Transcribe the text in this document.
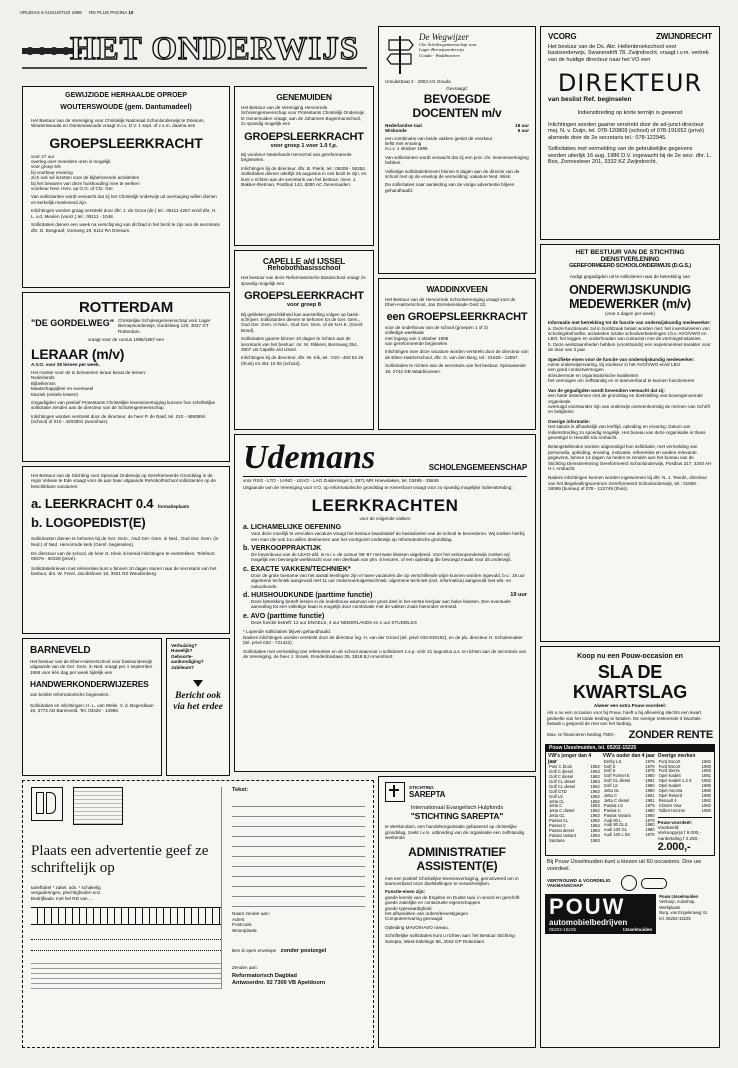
VRIJDAG 8 AUGUSTUS 1986 RD PLUS PAGINA 10
HET ONDERWIJS
GEWIJZIGDE HERHAALDE OPROEP
WOUTERSWOUDE (gem. Dantumadeel)
Het Bestuur van de Vereniging voor Christelijk Nationaal Schoolonderwijs te Driesum, Wouterswoude en Dantumawoude vraagt m.i.v. D.V. 1 sept. of z.s.m. daarna een
GROEPSLEERKRACHT
voor 27 uur
overleg over meerdere uren is mogelijk
voor groep 5/6
bij voorkeur ervaring
zich ook wil inzetten voor de bijbehorende activiteiten
bij het bewaren van deze huishouding mee te werken
voorkeur Ned. Herv. op G.G. of Chr. Ger.
Van sollicitanten wordt verwacht dat zij het Christelijk onderwijs uit overtuiging willen dienen en kerkelijk meelevend zijn.
Inlichtingen worden graag verstrekt door dhr. J. de Groot (dir.) tel.: 05111-4257 en/of dhr. H. L. v.d. Meulen (voorz.) tel.: 05111 - 1048.
Sollicitaties dienen een week na verschijning van dit blad in het bezit te zijn van de secretaris dhr. D. Bosgraaf, Voorweg 19, 9114 RA Driesum.
ROTTERDAM
"DE GORDELWEG" Christelijke Scholengemeenschap voor Lager Beroepsonderwijs, Gordelweg 120, 3037 GT Rotterdam.
vraagt voor de cursus 1986/1987 een
LERAAR (m/v)
A.V.O. voor 29 lessen per week.
Het rooster voor de to benoemen leraar bevat de lessen:
Nederlands
Bijbelkennis
Maatschappijleer en eventueel
Muziek (enkele lessen)
Gegadigden van positief Protestants Christelijke levensovertuiging kunnen hun schriftelijke sollicitatie zenden aan de directeur van de Scholengemeenschap.
Inlichtingen worden verstrekt door de directeur, de heer P. de Raaf, tel. 010 - 4650894 (school) of 010 - 4203001 (woonhuis).
Het Bestuur van de Stichting voor Speciaal Onderwijs op Gereformeerde Grondslag in de regio Veluwe te Ede vraagt voor de aan haar uitgaande Rehobothschool sollicitanten op de beschikbare vacatures:
a. LEERKRACHT 0.4 formatieplaats
b. LOGOPEDIST(E)
Sollicitanten dienen te behoren bij de Ger. Gem., Oud Ger. Gem. in Ned., Oud Ger. Gem. (in Ned.) of Ned. Hervormde kerk (Geref. beginselen).
De directeur van de school, de heer G. Klein is bereid inlichtingen te verstrekken. Telefoon: 08376 - 60328 (privé).
Sollicitatiebrieven met referenties kunt u binnen 10 dagen sturen naar de secretaris van het bestuur, drs. W. Ferel, Jacobshove 18, 3931 RZ Woudenberg.
BARNEVELD
Het bestuur van de Eben-Haëzerschool voor basisonderwijs uitgaande van de Ger. Gem. in Ned. vraagt per 1 september 1986 voor één dag per week tijdelijk een
HANDWERKONDERWIJZERES
van beslist reformatorische beginselen.
Sollicitaties en inlichtingen: H. L. van Welie, V. d. Bogerdlaan 16, 3772 AD Barneveld. Tel. 03420 - 14958.
Verhuizing?
Huwelijk?
Geboorte-aankondiging?
Jubileum?
Bericht ook via het erdee
GENEMUIDEN
Het Bestuur van de Vereniging Hervormde Scholengemeenschap voor Protestants Christelijk Onderwijs te Genemuiden vraagt, aan de Johannes Bogermanschool, zo spoedig mogelijk een
GROEPSLEERKRACHT
voor groep 1 voor 1.0 f.p.
Bij voorkeur Nederlands Hervormd van gereformeerde beginselen.
Inlichtingen bij de directeur, dhr. B. Pierik, tel.: 05208 - 55352. Sollicitaties dienen uiterlijk 25 augustus in ons bezit te zijn, en kunt u richten aan de secretaris van het bestuur, mevr. J. Bakker-Rietman, Postbus 142, 8280 AC Genemuiden.
CAPELLE a/d IJSSEL
Rehobothbasisschool
Het bestuur van deze Reformatorische Basisschool vraagt zo spoedig mogelijk een
GROEPSLEERKRACHT
voor groep 8
Bij gebleken geschiktheid kan aanstelling volgen op basis-schrijver. Sollicitanten dienen te behoren tot de Ger. Gem., Oud Ger. Gem. in Ned., Oud Ger. Gem. of de N.H.K. (Geref. Bond).
Sollicitaties gaarne binnen 10 dagen te richten aan de secretaris van het bestuur: mr. M. Rikkers, Bermweg 354, 2907 LB Capelle a/d IJssel.
Inlichtingen bij de directeur, dhr. W. Kik, tel.: 010 - 450 54 25 (thuis) en 451 10 55 (school).
De Wegwijzer
Chr. Scholengemeenschap voor
Lager Beroepsonderwijs
Gouda - Waddinxveen
Ursulastraat 2 · 2803 AG Gouda
Gevraagd:
BEVOEGDE
DOCENTEN m/v
Nederlandse taal	18 uur
Wiskunde	6 uur
een combinatie van beide vakken geniet de voorkeur
liefst met ervaring
m.i.v. 1 oktober 1986
Van sollicitanten wordt verwacht dat zij een prot. chr. levensovertuiging hebben.
Volledige sollicitatiebrieven binnen 8 dagen aan de directie van de school met op de envelop de vermelding: vakature Ned. Wisk.
De sollicitaties naar aanleiding van de vorige advertentie blijven gehandhaafd.
WADDINXVEEN
Het Bestuur van de Hervormde Schoolvereniging vraagt voor de Eben-Haëzerschool, Jan Dorrekenskade Oost 22,
een GROEPSLEERKRACHT
voor de onderbouw van de school (groepen 1 of 2)
volledige weektaak
met ingang van 1 oktober 1986
van gereformeerde beginselen
Inlichtingen over deze vacature worden verstrekt door de directeur van de Eben-Haëzerschool, dhr. G. van den Berg, tel.: 01828 - 12597.
Sollicitaties te richten aan de secretaris van het bestuur, Spinsaweide 19, 2742 GB Waddinxveen.
Udemans	SCHOLENGEMEENSCHAP
voor RSG - LTO - LHNO - LEAO - LAO Zuidersingel 1, 3871 MR Hoevelaken, tel. 03495 - 35846
Uitgaande van de Vereniging voor V.O. op reformatorische grondslag te Amersfoort vraagt voor zo spoedig mogelijke indiensttreding:
LEERKRACHTEN
voor de volgende vakken
a. LICHAMELIJKE OEFENING
Voor deze moeilijk te vervullen vacature vraagt het bestuur kwantitatief de basisdoelen van de school te bevorderen. Wij zoeken hierbij een man die ook zou willen deelnemen aan het voortgezet onderwijs op reformatorische grondslag.
b. VERKOOPPRAKTIJK
De bovenbouw van de LEAO-afd. is m.i.v. de cursus '86-'87 met twee klassen uitgebreid. Voor het verkooponderwijs zoeken wij mogelijk een bevoegde werkkracht voor een deeltaak van plm. 6 lesuren, of een opleiding die bevoegd maakt voor dit onderwijs.
c. EXACTE VAKKEN/TECHNIEK*
Door de grote toename van het aantal leerlingen zijn er twee vacatures die op verschillende wijze kunnen worden ingevuld, b.v.: 18 uur algemene techniek aangevuld met 11 uur motorvoertuigentechniek; algemene techniek (incl. informatica) aangevuld met wis- en natuurkunde.
d. HUISHOUDKUNDE (parttime functie)	19 uur
Deze betrekking betreft lessen in de onderbouw waarvan een groot deel in het eerste leerjaar aan halve klassen. Een eventuele aanvulling tot een volledige baan is mogelijk door combinatie met de vakken zoals hieronder vermeld.
e. AVO (parttime functie)
Deze functie betreft: 12 uur ENGELS, 4 uur NEDERLANDS en 1 uur STUDIELES
* Lopende sollicitaties blijven gehandhaafd.
Nadere inlichtingen worden verstrekt door de directeur ing. H. van der Grond (tel. privé 033-630162), en de plv. directeur H. Schuitemaker (tel. privé 033 - 721422).
Sollicitaties met vermelding van referenties en de school waarvoor u solliciteert z.s.p. vóór 21 augustus a.s. te richten aan de secretaris van de Vereniging, de heer J. Snoek, Rondenboslaan 39, 3818 BJ Amersfoort.
VCORG	ZWIJNDRECHT
Het bestuur van de Ds. Abr. Hellenbroekschool voor basisonderwijs, Swanendrift 78, Zwijndrecht, vraagt i.v.m. vertrek van de huidige directeur naar het VO een
DIREKTEUR
van beslist Ref. beginselen
Indiensttreding op korte termijn is gewenst
Inlichtingen worden gaarne verstrekt door de ad-junct-directeur mej. N. v. Duijn, tel. 078-120809 (school) of 078-191652 (privé) alsmede door de 2e secretaris tel.: 078-122945.
Sollicitaties met vermelding van de gebruikelijke gegevens worden uiterlijk 16 aug. 1986 D.V. ingewacht bij de 2e secr. dhr. L. Bos, Zonnesteen 201, 3332 KZ Zwijndrecht.
HET BESTUUR VAN DE STICHTING
DIENSTVERLENING
GEREFORMEERD SCHOOLONDERWIJS (D.G.S.)
nodigt gegadigden uit te solliciteren naar de betrekking van
ONDERWIJSKUNDIG
MEDEWERKER (m/v)
(voor 2 dagen per week)
Informatie met betrekking tot de functie van onderwijskundig medewerker:
a. Deze functionaris zal in hoofdzaak belast worden met: het inventariseren van scholingsbehoefte; activiteiten inzake schoolverbeteringen t.b.v. AVO/VWO en LBO; het leggen en onderhouden van contacten met de vormingsinstanties.
b. Deze werkzaamheden hebben (voorshands) een experimenteel karakter voor de duur van 3 jaar.
Specifieke eisen voor de functie van onderwijskundig medewerker:
ruime onderwijservaring, bij voorkeur in het AVO/VWO en/of LBO
een goed contactvermogen
stimulerende en organisatorische kwaliteiten
het vermogen om zelfstandig en in teamverband te kunnen functioneren
Van de gegadigden wordt bovendien verwacht dat zij:
een harte instemmen met de grondslag en doelstelling van bovengenoemde organisatie
overtuigd voorstander zijn van onderwijs overeenkomstig de normen van Schrift en belijdenis
Overige informatie:
Het salaris is afhankelijk van leeftijd, opleiding en ervaring. Datum van indiensttreding zo spoedig mogelijk. Het bureau van deze organisatie is thans gevestigd in Hendrik Ido Ambacht.
Belangstellenden worden uitgenodigd hun sollicitatie, met vermelding van personalia, opleiding, ervaring, motivatie, referenties en andere relevante gegevens, binnen 14 dagen na heden te zenden aan het bureau van de Stichting Dienstverlening Gereformeerd Schoolonderwijs, Postbus 317, 3340 AH H.I. Ambacht.
Nadere inlichtingen kunnen worden ingewonnen bij dhr. N. J. Teerds, directeur van het Begeleidingscentrum Gereformeerd Schoolonderwijs, tel.: 01858 - 18099 (bureau) of 078 - 122749 (thuis).
Koop nu een Pouw-occasion en
SLA DE KWARTSLAG
Alweer een extra Pouw-voordeel:
Als u nu een occasion voor bij Pouw, hoeft u bij aflevering slechts een kwart gedeelte van het totale bedrag te betalen. De overige resterende 3 kwartale betaalt u gespreid de rest van het bedrag.
Max. te financieren bedrag 7500,- ZONDER RENTE
Pouw IJsselmuiden, tel. 05202-15225
VW's jonger dan 4 jaar
Polo C bruin	1982
Golf C diesel	1983
Golf C diesel	1982
Golf CL diesel	1983
Golf CL diesel	1982
Golf GTD	1983
Golf LS	1982
Jetta CL	1982
Jetta C	1983
Jetta C diesel	1982
Jetta GL	1983
Passat CL	1982
Passat C	1984
Passat diesel	1983
Passat Variant	1983
Santana	1983
VW's ouder dan 4 jaar
Derby LS	1978
Golf S	1979
Golf S	1978
Golf Formel E	1980
Golf GL diesel	1981
Golf LS	1980
Jetta GL	1980
Jetta C	1981
Jetta C diesel	1981
Passat LS	1979
Passat C	1980
Passat Variant	1980
Audi 80 L	1979
Audi 80 GLS	1980
Audi 100 GL	1980
Audi 100 L 5S	1979
Overige merken
Ford Escort	1982
Ford Escort	1980
Ford Sierra	1983
Opel Kadett	1981
Opel Kadett 1.3 S	1982
Opel Kadett	1980
Opel Ascona	1980
Opel Rekord	1980
Renault 4	1982
Citroën Visa	1982
Talbot Horizon	1980
Pouw-voordeel:
Voorbeeld:
Verkoopprijs f 9.000,-
Aanbetaling f 2.250,-
2.000,-
Bij Pouw IJsselmuiden kunt u kiezen uit 60 occasions. Doe uw voordeel.
VERTROUWD & VOORDELIG
VAKMANSCHAP
POUW
automobielbedrijven
05202-15225	IJsselmuiden
Pouw IJsselmuiden
Verkoop, Autoshop, Werkplaats
Burg. van Engelenweg 41
tel. 05202-15225
STICHTING
SAREPTA
Internationaal Evangelisch Hulpfonds
"STICHTING SAREPTA"
te Werkendam, een handelsorganisatie gebaseerd op christelijke grondslag, zoekt i.v.m. uitbreiding van de organisatie een zelfstandig werkende
ADMINISTRATIEF
ASSISTENT(E)
met een positief Christelijke levensovertuiging, gemotiveerd om in teamverband onze doelstellingen te verwezenlijken.
Functie-eisen zijn:
goede kennis van de Engelse en Duitse taal, in woord en geschrift
goede zakelijke en contactuele eigenschappen
goede typevaardigheid
het afhandelen van orders/bevestigingen
Computerervaring gevraagd
Opleiding MAVO/HAVO niveau.
Schriftelijke sollicitaties kunt u richten aan: het Bestuur Stichting Sarepta, West-Sidelinge 66, 3043 GP Rotterdam
Plaats een advertentie geef ze schriftelijk op
tarieftabel * zakel. adv. * schakelig
vergaderingen, plechtigheden enz.
Bedrijfsadv. met hel RD van ...
Tekst:
Naam zender aan:
Adres:
Postcode:
Woonplaats:
Ben ik open envelope zonder postzegel
Zenden aan:
Reformatorisch Dagblad
Antwoordnr. 92 7300 VB Apeldoorn
